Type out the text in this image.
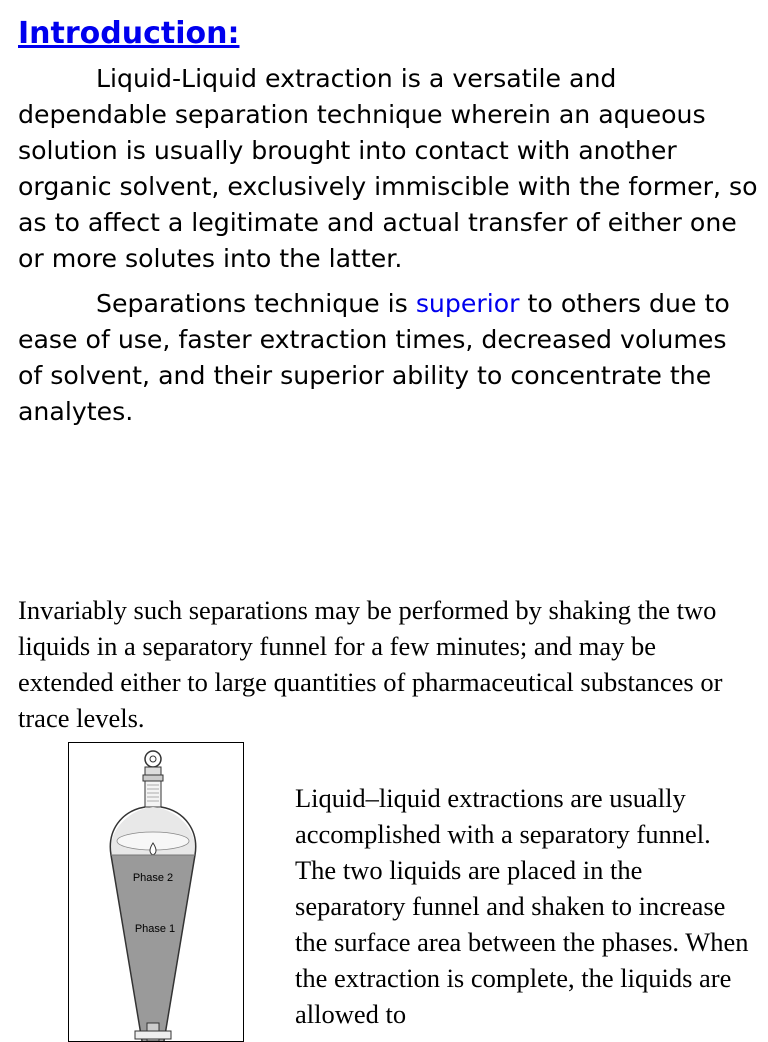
Introduction:

Liquid-Liquid extraction is a versatile and dependable separation technique wherein an aqueous solution is usually brought into contact with another organic solvent, exclusively immiscible with the former, so as to affect a legitimate and actual transfer of either one or more solutes into the latter.

Separations technique is superior to others due to ease of use, faster extraction times, decreased volumes of solvent, and their superior ability to concentrate the analytes.

Invariably such separations may be performed by shaking the two liquids in a separatory funnel for a few minutes; and may be extended either to large quantities of pharmaceutical substances or trace levels.

Phase 2
Phase 1

Liquid–liquid extractions are usually accomplished with a separatory funnel. The two liquids are placed in the separatory funnel and shaken to increase the surface area between the phases. When the extraction is complete, the liquids are allowed to
